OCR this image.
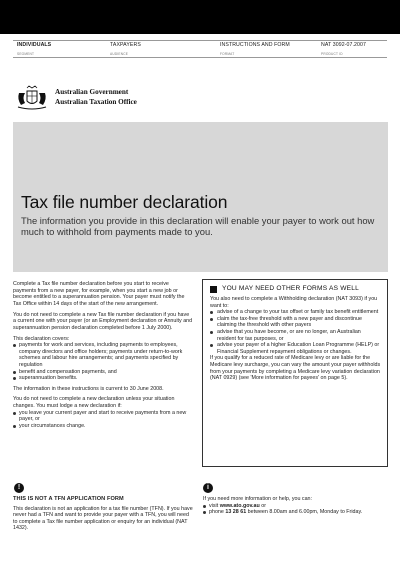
INDIVIDUALS	TAXPAYERS	INSTRUCTIONS AND FORM	NAT 3092-07.2007
SEGMENT	AUDIENCE	FORMAT	PRODUCT ID
Australian Government
Australian Taxation Office
Tax file number declaration

The information you provide in this declaration will enable your payer to work out how much to withhold from payments made to you.

Complete a Tax file number declaration before you start to receive payments from a new payer, for example, when you start a new job or become entitled to a superannuation pension. Your payer must notify the Tax Office within 14 days of the start of the new arrangement.

You do not need to complete a new Tax file number declaration if you have a current one with your payer (or an Employment declaration or Annuity and superannuation pension declaration completed before 1 July 2000).

This declaration covers:

payments for work and services, including payments to employees, company directors and office holders; payments under return-to-work schemes and labour hire arrangements; and payments specified by regulation
benefit and compensation payments, and
superannuation benefits.

The information in these instructions is current to 30 June 2008.

You do not need to complete a new declaration unless your situation changes. You must lodge a new declaration if:

you leave your current payer and start to receive payments from a new payer, or
your circumstances change.
YOU MAY NEED OTHER FORMS AS WELL
You also need to complete a Withholding declaration (NAT 3093) if you want to:
advise of a change to your tax offset or family tax benefit entitlement
claim the tax-free threshold with a new payer and discontinue claiming the threshold with other payers
advise that you have become, or are no longer, an Australian resident for tax purposes, or
advise your payer of a higher Education Loan Programme (HELP) or Financial Supplement repayment obligations or changes.
If you qualify for a reduced rate of Medicare levy or are liable for the Medicare levy surcharge, you can vary the amount your payer withholds from your payments by completing a Medicare levy variation declaration (NAT 0929) (see 'More information for payees' on page 5).
!	i
THIS IS NOT A TFN APPLICATION FORM
This declaration is not an application for a tax file number (TFN). If you have never had a TFN and want to provide your payer with a TFN, you will need to complete a Tax file number application or enquiry for an individual (NAT 1432).
If you need more information or help, you can:
visit www.ato.gov.au or
phone 13 28 61 between 8.00am and 6.00pm, Monday to Friday.
